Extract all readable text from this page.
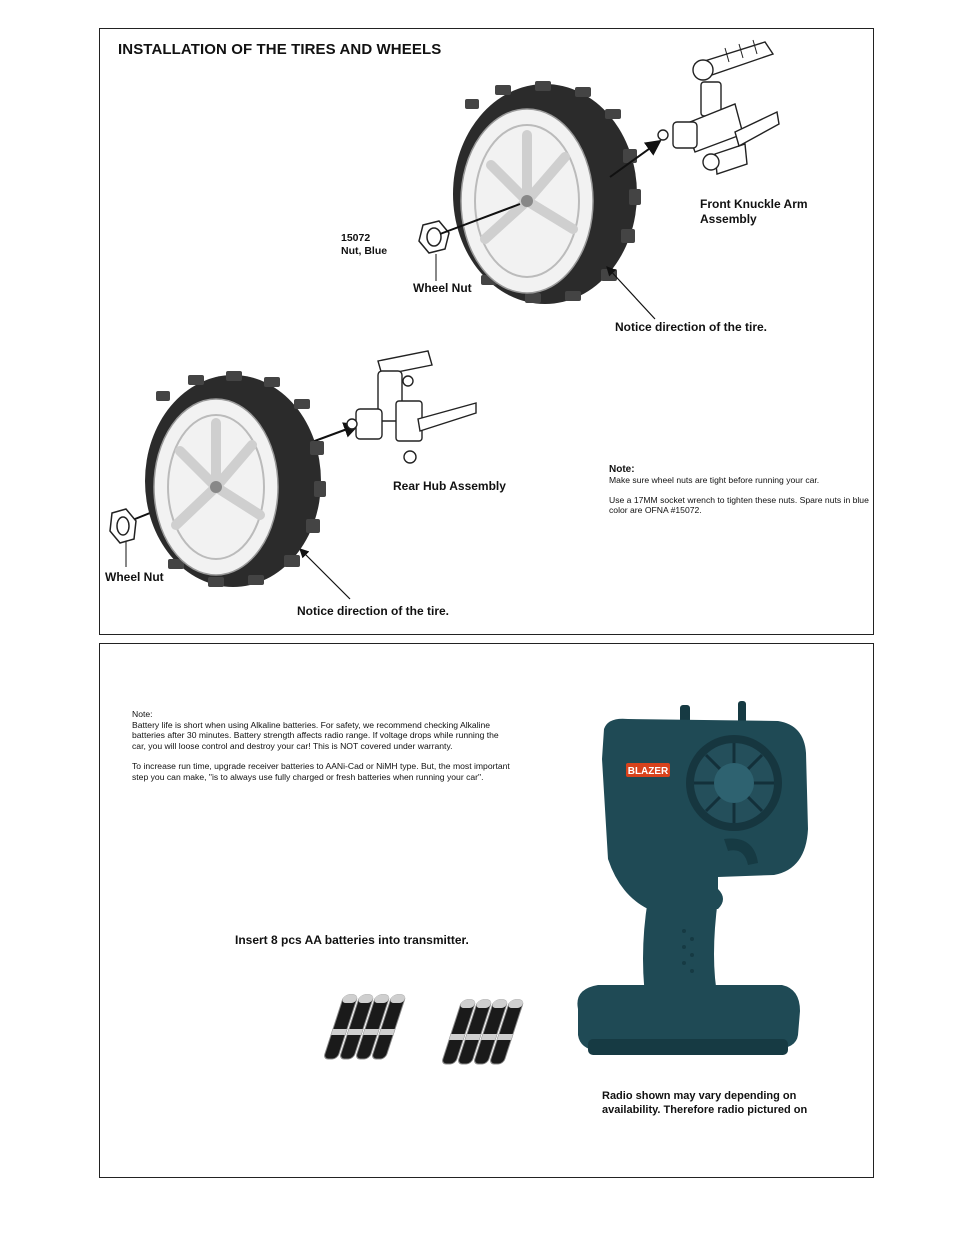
INSTALLATION OF THE TIRES AND WHEELS
15072
Nut, Blue
Wheel Nut
Front Knuckle Arm
Assembly
Notice direction of the tire.
Rear Hub Assembly
Wheel Nut
Notice direction of the tire.
Note:
Make sure wheel nuts are tight before running your car.
Use a 17MM socket wrench to tighten these nuts. Spare nuts in blue color are OFNA #15072.
Note:
Battery life is short when using Alkaline batteries. For safety, we recommend checking Alkaline batteries after 30 minutes. Battery strength affects radio range. If voltage drops while running the car, you will loose control and destroy your car! This is NOT covered under warranty.
To increase run time, upgrade receiver batteries to AANi-Cad or NiMH type. But, the most important step you can make, "is to always use fully charged or fresh batteries when running your car".
Insert 8 pcs AA batteries into transmitter.
BLAZER
Radio shown may vary depending on
availability. Therefore radio pictured on
